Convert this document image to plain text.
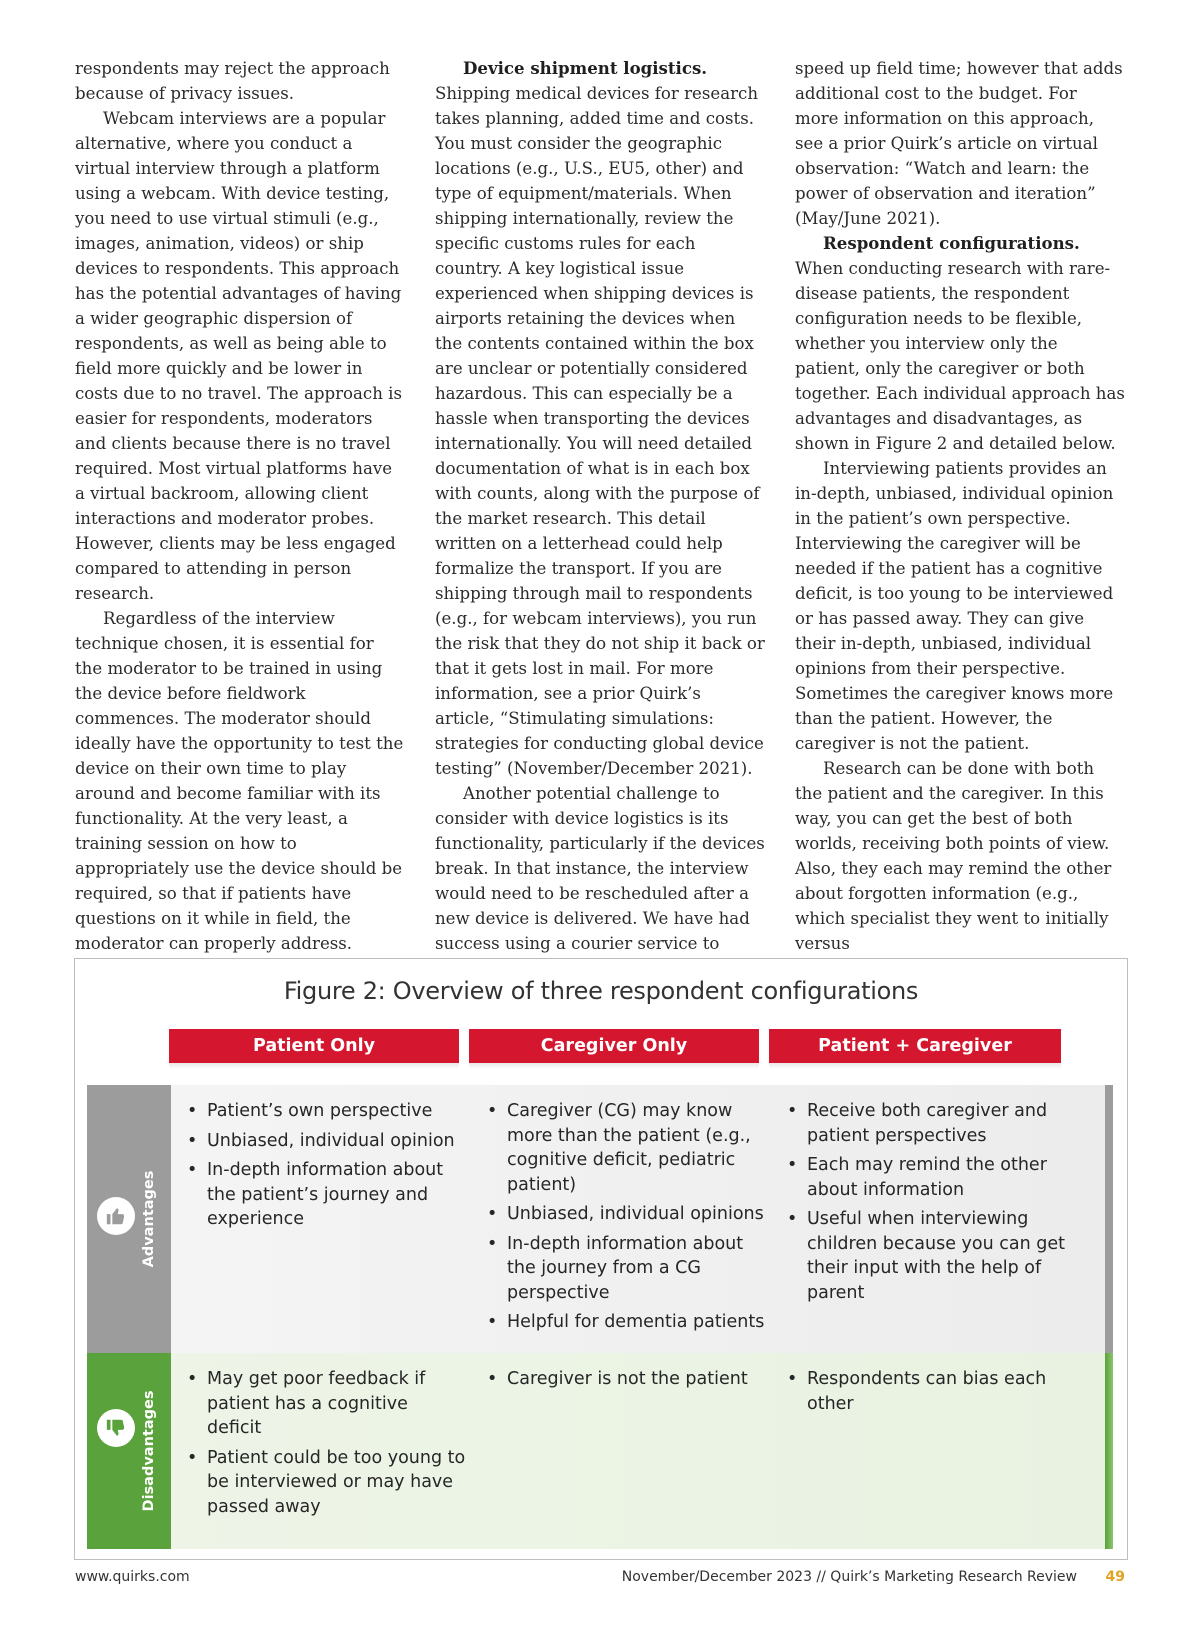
respondents may reject the approach because of privacy issues.

Webcam interviews are a popular alternative, where you conduct a virtual interview through a platform using a webcam. With device testing, you need to use virtual stimuli (e.g., images, animation, videos) or ship devices to respondents. This approach has the potential advantages of having a wider geographic dispersion of respondents, as well as being able to field more quickly and be lower in costs due to no travel. The approach is easier for respondents, moderators and clients because there is no travel required. Most virtual platforms have a virtual backroom, allowing client interactions and moderator probes. However, clients may be less engaged compared to attending in person research.

Regardless of the interview technique chosen, it is essential for the moderator to be trained in using the device before fieldwork commences. The moderator should ideally have the opportunity to test the device on their own time to play around and become familiar with its functionality. At the very least, a training session on how to appropriately use the device should be required, so that if patients have questions on it while in field, the moderator can properly address.

Device shipment logistics. Shipping medical devices for research takes planning, added time and costs. You must consider the geographic locations (e.g., U.S., EU5, other) and type of equipment/materials. When shipping internationally, review the specific customs rules for each country. A key logistical issue experienced when shipping devices is airports retaining the devices when the contents contained within the box are unclear or potentially considered hazardous. This can especially be a hassle when transporting the devices internationally. You will need detailed documentation of what is in each box with counts, along with the purpose of the market research. This detail written on a letterhead could help formalize the transport. If you are shipping through mail to respondents (e.g., for webcam interviews), you run the risk that they do not ship it back or that it gets lost in mail. For more information, see a prior Quirk’s article, “Stimulating simulations: strategies for conducting global device testing” (November/December 2021).

Another potential challenge to consider with device logistics is its functionality, particularly if the devices break. In that instance, the interview would need to be rescheduled after a new device is delivered. We have had success using a courier service to

speed up field time; however that adds additional cost to the budget. For more information on this approach, see a prior Quirk’s article on virtual observation: “Watch and learn: the power of observation and iteration” (May/June 2021).

Respondent configurations. When conducting research with rare-disease patients, the respondent configuration needs to be flexible, whether you interview only the patient, only the caregiver or both together. Each individual approach has advantages and disadvantages, as shown in Figure 2 and detailed below.

Interviewing patients provides an in-depth, unbiased, individual opinion in the patient’s own perspective. Interviewing the caregiver will be needed if the patient has a cognitive deficit, is too young to be interviewed or has passed away. They can give their in-depth, unbiased, individual opinions from their perspective. Sometimes the caregiver knows more than the patient. However, the caregiver is not the patient.

Research can be done with both the patient and the caregiver. In this way, you can get the best of both worlds, receiving both points of view. Also, they each may remind the other about forgotten information (e.g., which specialist they went to initially versus

Figure 2: Overview of three respondent configurations
Patient Only	Caregiver Only	Patient + Caregiver
Advantages
• Patient’s own perspective
• Unbiased, individual opinion
• In-depth information about the patient’s journey and experience
• Caregiver (CG) may know more than the patient (e.g., cognitive deficit, pediatric patient)
• Unbiased, individual opinions
• In-depth information about the journey from a CG perspective
• Helpful for dementia patients
• Receive both caregiver and patient perspectives
• Each may remind the other about information
• Useful when interviewing children because you can get their input with the help of parent
Disadvantages
• May get poor feedback if patient has a cognitive deficit
• Patient could be too young to be interviewed or may have passed away
• Caregiver is not the patient
•	Respondents can bias each other
www.quirks.com	November/December 2023 // Quirk’s Marketing Research Review 49
